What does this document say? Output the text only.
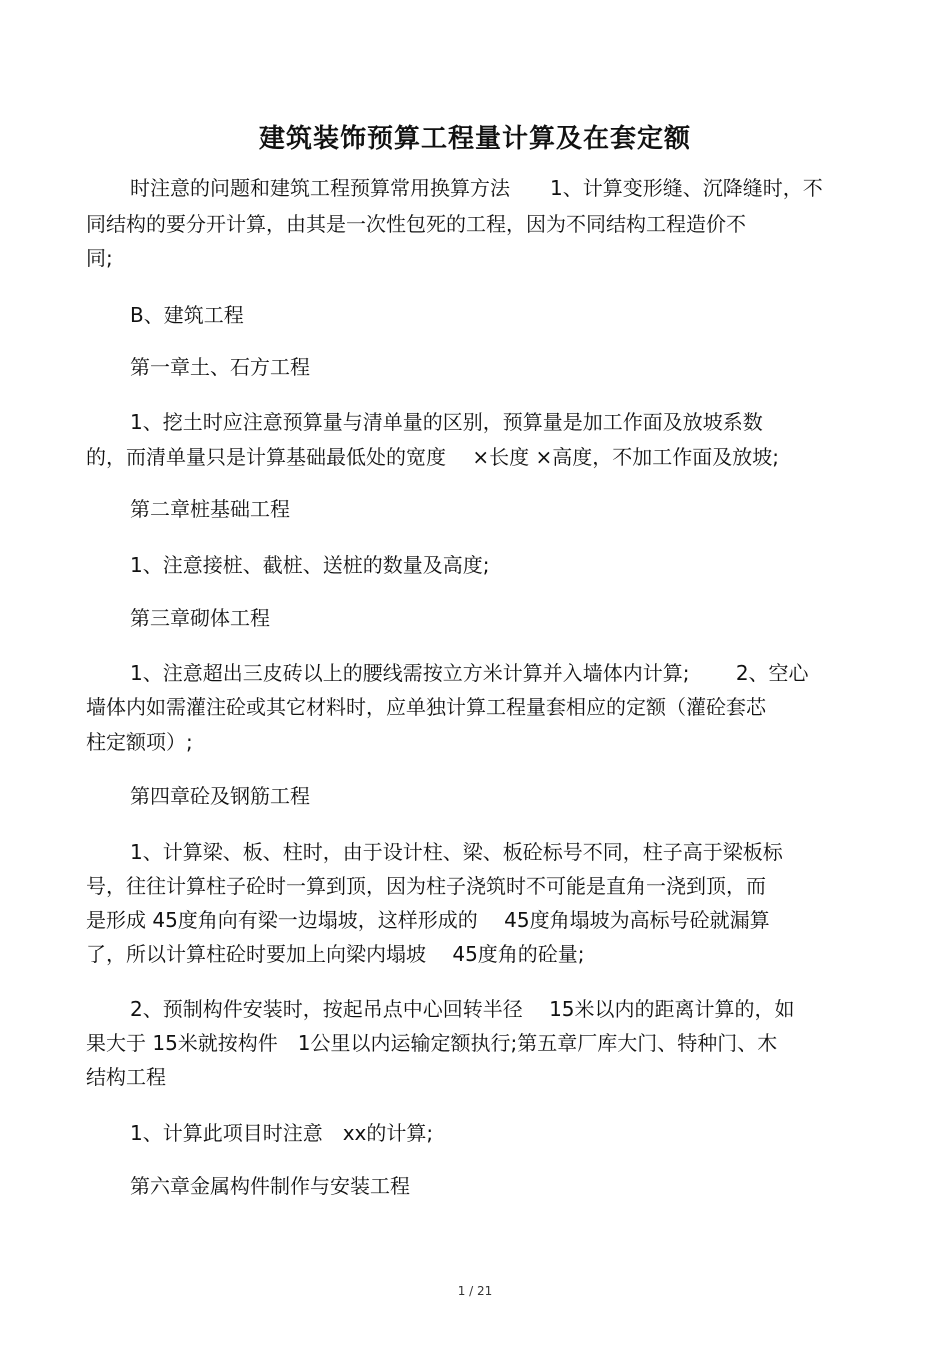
建筑装饰预算工程量计算及在套定额
时注意的问题和建筑工程预算常用换算方法　　1、计算变形缝、沉降缝时，不
同结构的要分开计算，由其是一次性包死的工程，因为不同结构工程造价不
同;
B、建筑工程
第一章土、石方工程
1、挖土时应注意预算量与清单量的区别，预算量是加工作面及放坡系数
的，而清单量只是计算基础最低处的宽度　 ×长度 ×高度，不加工作面及放坡;
第二章桩基础工程
1、注意接桩、截桩、送桩的数量及高度;
第三章砌体工程
1、注意超出三皮砖以上的腰线需按立方米计算并入墙体内计算;　　 2、空心
墙体内如需灌注砼或其它材料时，应单独计算工程量套相应的定额（灌砼套芯
柱定额项）;
第四章砼及钢筋工程
1、计算梁、板、柱时，由于设计柱、梁、板砼标号不同，柱子高于梁板标
号，往往计算柱子砼时一算到顶，因为柱子浇筑时不可能是直角一浇到顶，而
是形成 45度角向有梁一边塌坡，这样形成的　 45度角塌坡为高标号砼就漏算
了，所以计算柱砼时要加上向梁内塌坡　 45度角的砼量;
2、预制构件安装时，按起吊点中心回转半径　 15米以内的距离计算的，如
果大于 15米就按构件　1公里以内运输定额执行;第五章厂库大门、特种门、木
结构工程
1、计算此项目时注意　xx的计算;
第六章金属构件制作与安装工程
1 / 21
